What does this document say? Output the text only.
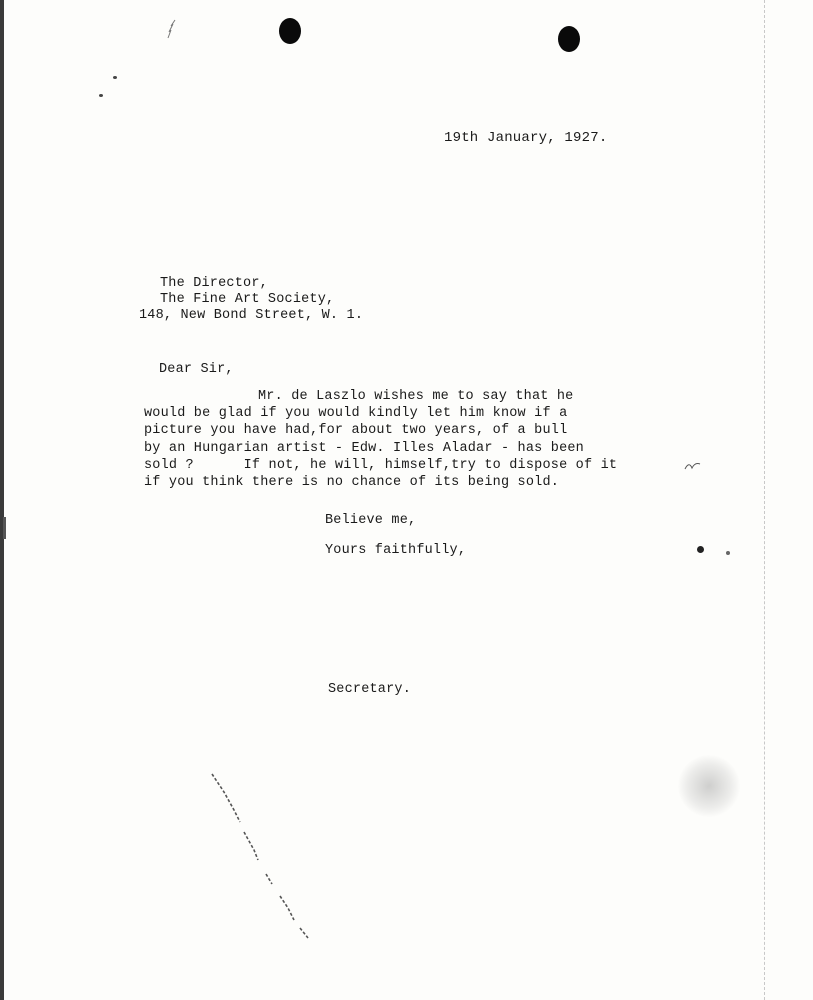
19th January, 1927.
The Director,
The Fine Art Society,
148, New Bond Street, W. 1.
Dear Sir,
Mr. de Laszlo wishes me to say that he
would be glad if you would kindly let him know if a
picture you have had,for about two years, of a bull
by an Hungarian artist - Edw. Illes Aladar - has been
sold ?      If not, he will, himself,try to dispose of it
if you think there is no chance of its being sold.
Believe me,
Yours faithfully,
Secretary.
